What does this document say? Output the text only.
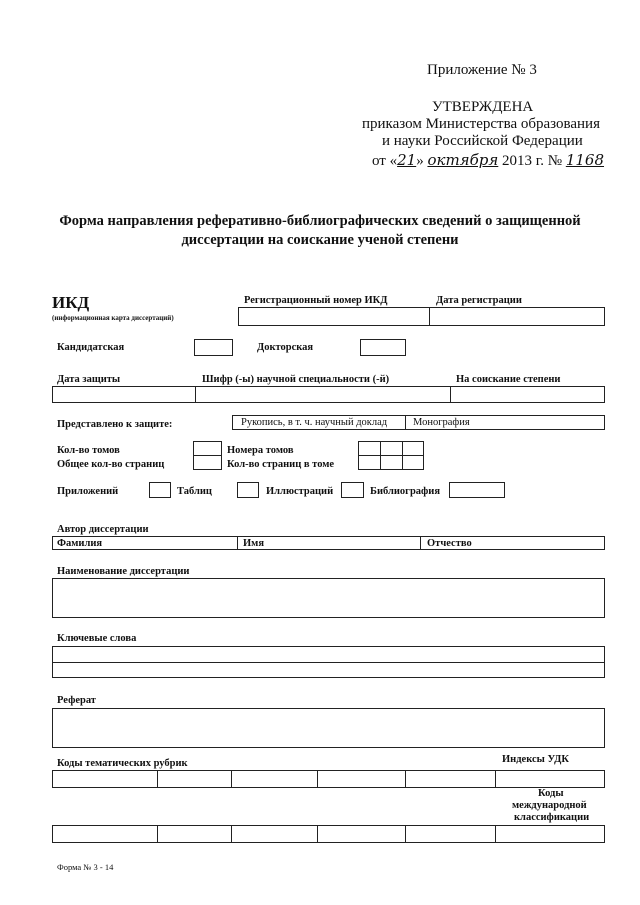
Приложение № 3
УТВЕРЖДЕНА
приказом Министерства образования
и науки Российской Федерации
от «21» октября 2013 г. № 1168
Форма направления реферативно-библиографических сведений о защищенной
диссертации на соискание ученой степени
ИКД
(информационная карта диссертаций)
Регистрационный номер ИКД	Дата регистрации
Кандидатская	Докторская
Дата защиты	Шифр (-ы) научной специальности (-й)	На соискание степени
Представлено к защите:	Рукопись, в т. ч. научный доклад Монография
Кол-во томов
Общее кол-во страниц
Номера томов
Кол-во страниц в томе
Приложений	Таблиц	Иллюстраций	Библиография
Автор диссертации
Фамилия	Имя	Отчество
Наименование диссертации
Ключевые слова
Реферат
Коды тематических рубрик	Индексы УДК
Коды
международной
классификации
Форма № 3 - 14
